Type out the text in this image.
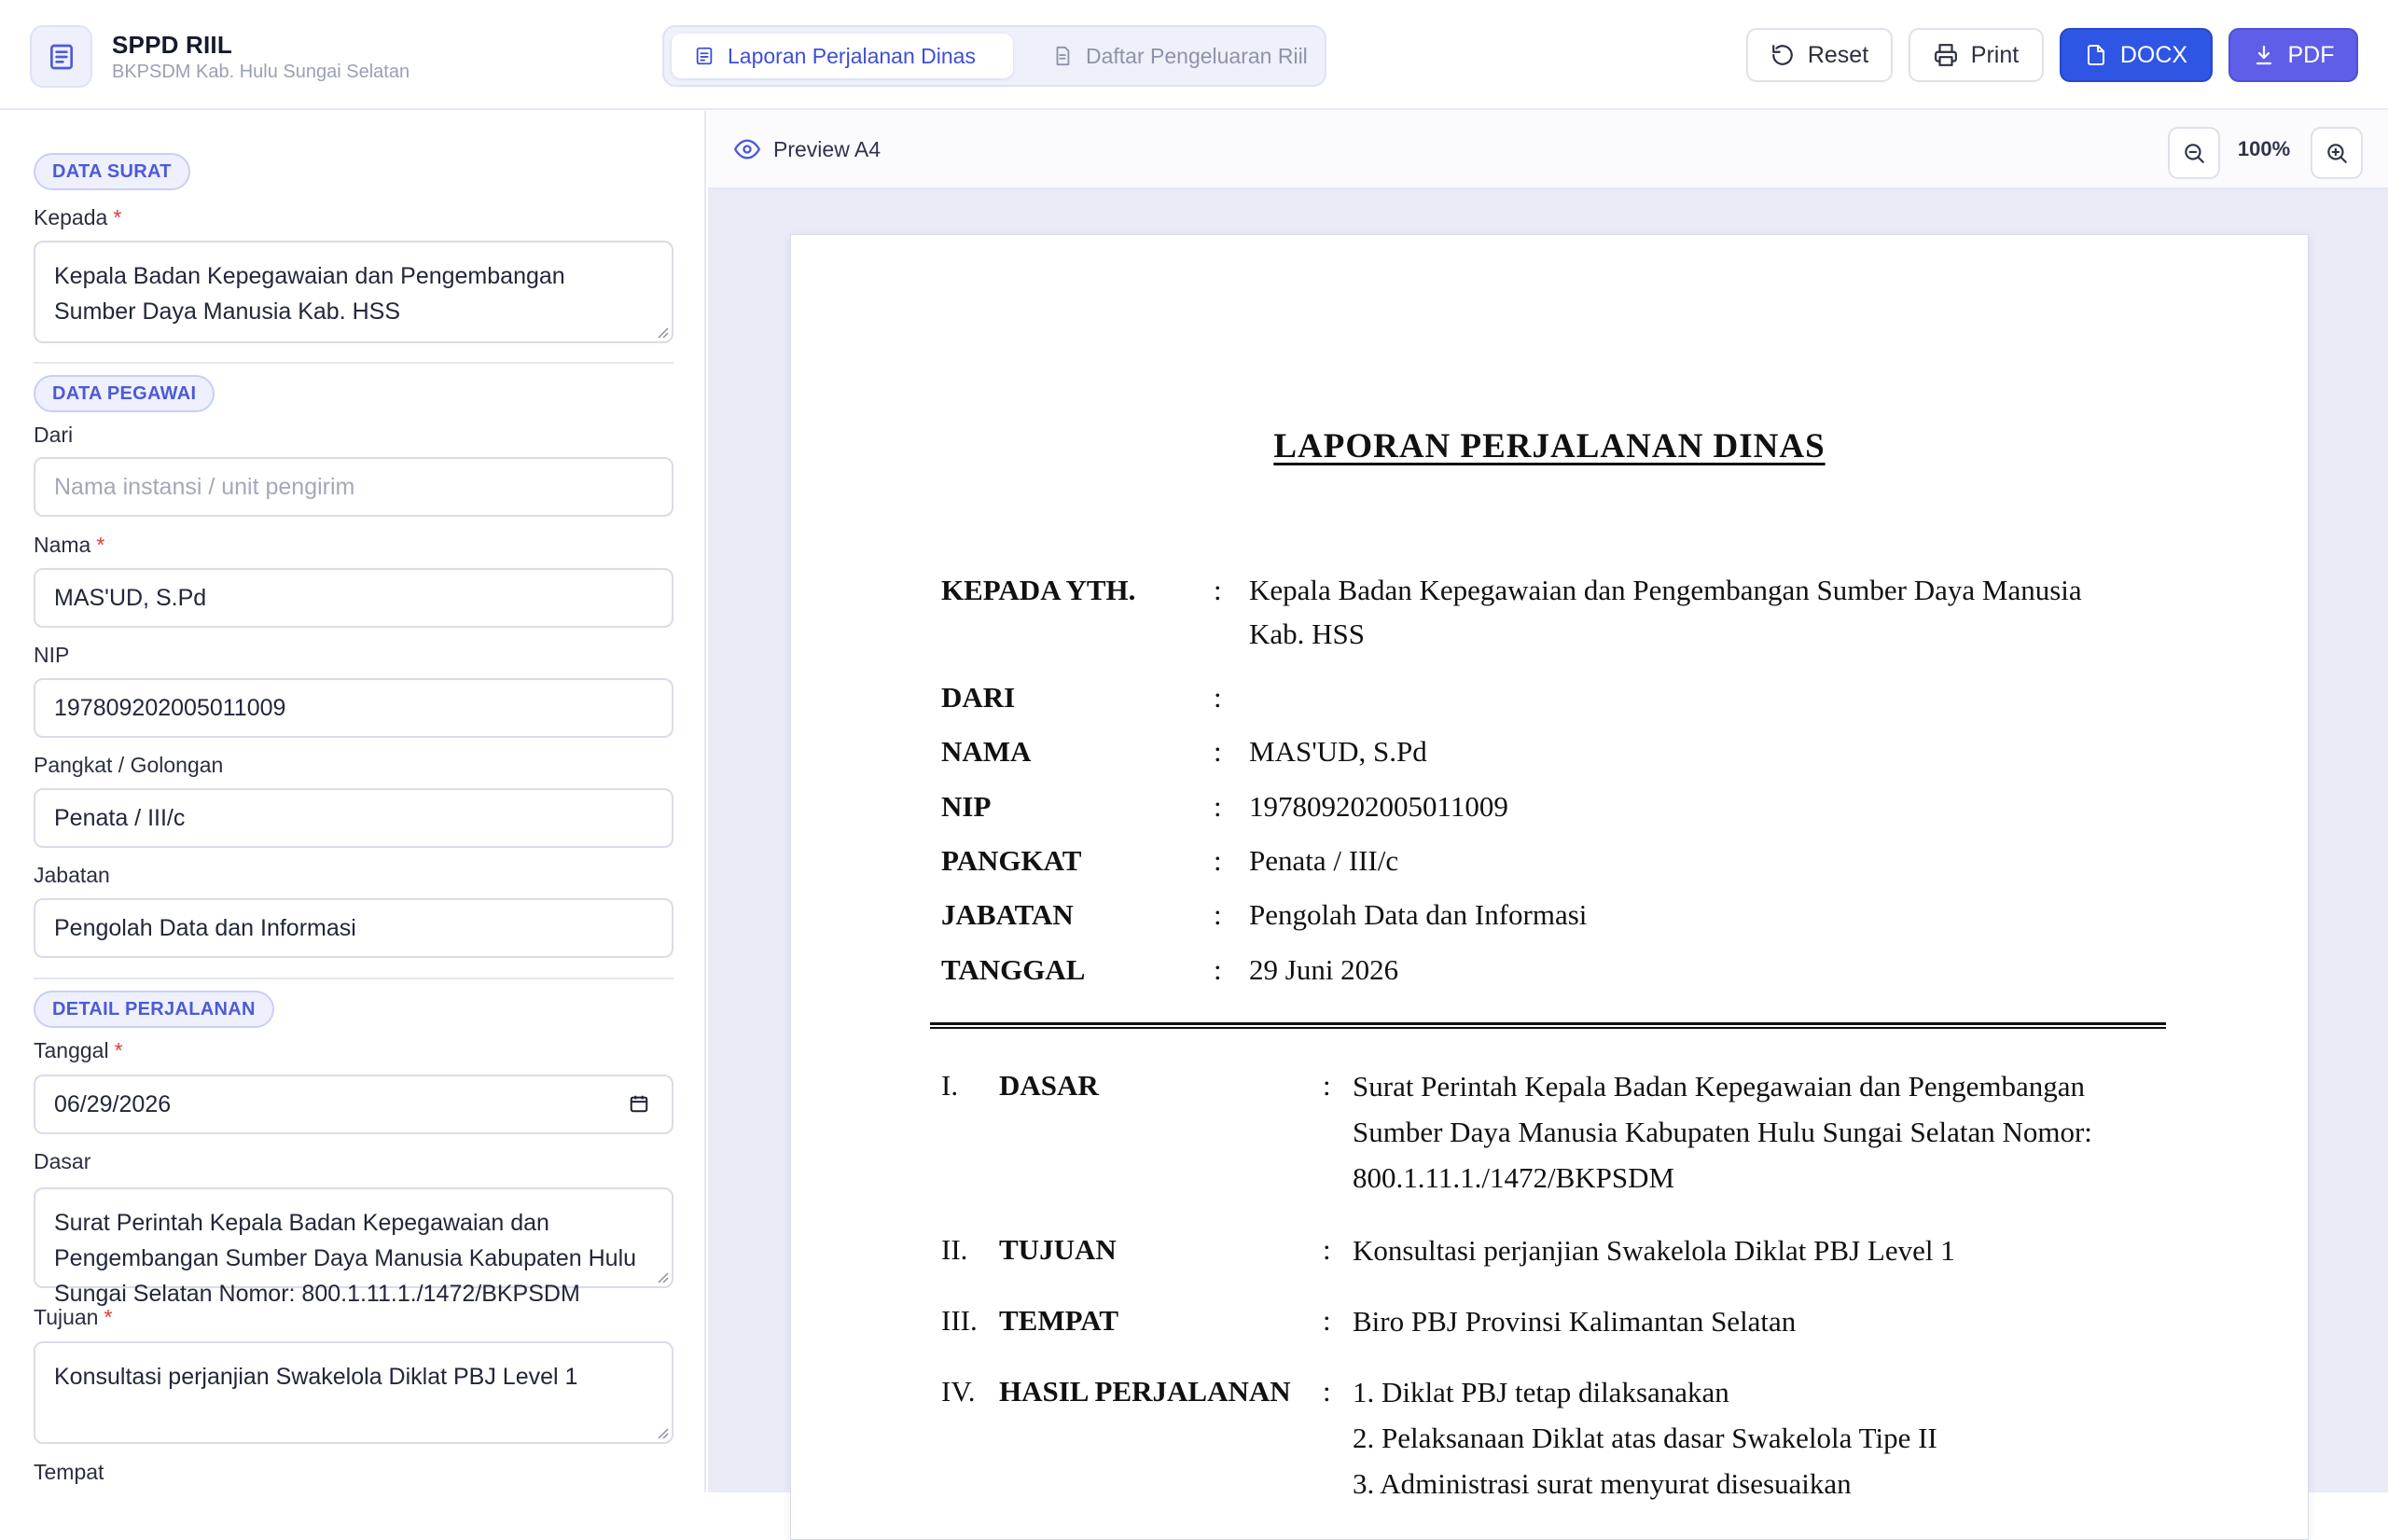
SPPD RIIL
BKPSDM Kab. Hulu Sungai Selatan
Laporan Perjalanan Dinas	Daftar Pengeluaran Riil	Reset	Print	DOCX	PDF
DATA SURAT
Kepada *
Kepala Badan Kepegawaian dan Pengembangan Sumber Daya Manusia Kab. HSS
DATA PEGAWAI
Dari
Nama instansi / unit pengirim
Nama *
MAS'UD, S.Pd
NIP
197809202005011009
Pangkat / Golongan
Penata / III/c
Jabatan
Pengolah Data dan Informasi
DETAIL PERJALANAN
Tanggal *
06/29/2026
Dasar
Surat Perintah Kepala Badan Kepegawaian dan Pengembangan Sumber Daya Manusia Kabupaten Hulu Sungai Selatan Nomor: 800.1.11.1./1472/BKPSDM
Tujuan *
Konsultasi perjanjian Swakelola Diklat PBJ Level 1
Tempat
Preview A4	100%
LAPORAN PERJALANAN DINAS
KEPADA YTH.	: Kepala Badan Kepegawaian dan Pengembangan Sumber Daya Manusia Kab. HSS
DARI	:
NAMA	: MAS'UD, S.Pd
NIP	: 197809202005011009
PANGKAT	: Penata / III/c
JABATAN	: Pengolah Data dan Informasi
TANGGAL	: 29 Juni 2026
I. DASAR	: Surat Perintah Kepala Badan Kepegawaian dan Pengembangan Sumber Daya Manusia Kabupaten Hulu Sungai Selatan Nomor: 800.1.11.1./1472/BKPSDM
II. TUJUAN	: Konsultasi perjanjian Swakelola Diklat PBJ Level 1
III. TEMPAT	: Biro PBJ Provinsi Kalimantan Selatan
IV. HASIL PERJALANAN	: 1. Diklat PBJ tetap dilaksanakan
2. Pelaksanaan Diklat atas dasar Swakelola Tipe II
3. Administrasi surat menyurat disesuaikan
